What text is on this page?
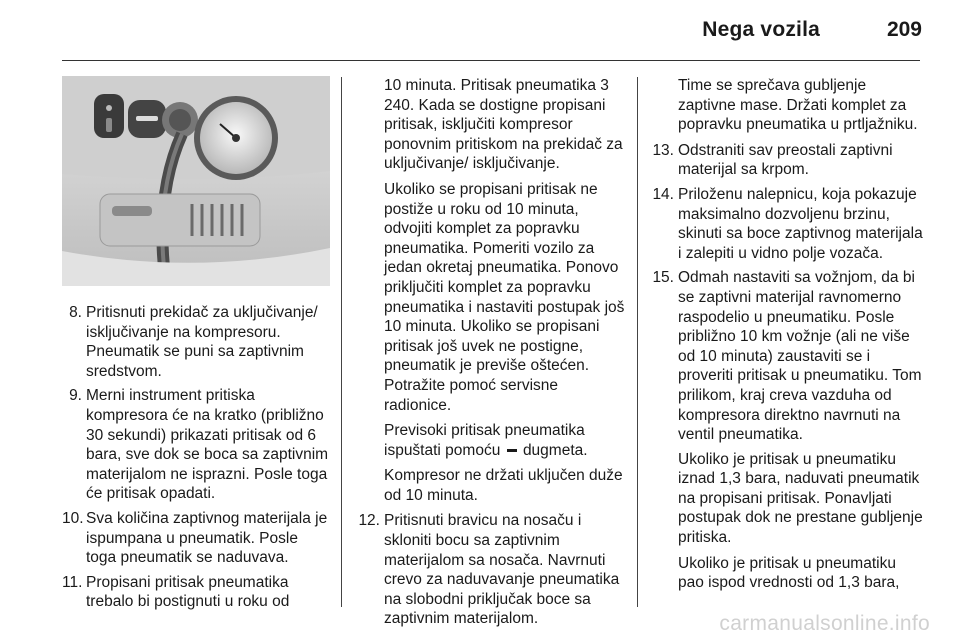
Nega vozila	209
8. Pritisnuti prekidač za uključivanje/ isključivanje na kompresoru. Pneumatik se puni sa zaptivnim sredstvom.
9. Merni instrument pritiska kompresora će na kratko (približno 30 sekundi) prikazati pritisak od 6 bara, sve dok se boca sa zaptivnim materijalom ne isprazni. Posle toga će pritisak opadati.
10. Sva količina zaptivnog materijala je ispumpana u pneumatik. Posle toga pneumatik se naduvava.
11. Propisani pritisak pneumatika trebalo bi postignuti u roku od
10 minuta. Pritisak pneumatika 3 240. Kada se dostigne propisani pritisak, isključiti kompresor ponovnim pritiskom na prekidač za uključivanje/ isključivanje.
Ukoliko se propisani pritisak ne postiže u roku od 10 minuta, odvojiti komplet za popravku pneumatika. Pomeriti vozilo za jedan okretaj pneumatika. Ponovo priključiti komplet za popravku pneumatika i nastaviti postupak još 10 minuta. Ukoliko se propisani pritisak još uvek ne postigne, pneumatik je previše oštećen. Potražite pomoć servisne radionice.
Previsoki pritisak pneumatika ispuštati pomoću dugmeta.
Kompresor ne držati uključen duže od 10 minuta.
12. Pritisnuti bravicu na nosaču i skloniti bocu sa zaptivnim materijalom sa nosača. Navrnuti crevo za naduvavanje pneumatika na slobodni priključak boce sa zaptivnim materijalom.
Time se sprečava gubljenje zaptivne mase. Držati komplet za popravku pneumatika u prtljažniku.
13. Odstraniti sav preostali zaptivni materijal sa krpom.
14. Priloženu nalepnicu, koja pokazuje maksimalno dozvoljenu brzinu, skinuti sa boce zaptivnog materijala i zalepiti u vidno polje vozača.
15. Odmah nastaviti sa vožnjom, da bi se zaptivni materijal ravnomerno raspodelio u pneumatiku. Posle približno 10 km vožnje (ali ne više od 10 minuta) zaustaviti se i proveriti pritisak u pneumatiku. Tom prilikom, kraj creva vazduha od kompresora direktno navrnuti na ventil pneumatika.
Ukoliko je pritisak u pneumatiku iznad 1,3 bara, naduvati pneumatik na propisani pritisak. Ponavljati postupak dok ne prestane gubljenje pritiska.
Ukoliko je pritisak u pneumatiku pao ispod vrednosti od 1,3 bara,
carmanualsonline.info
